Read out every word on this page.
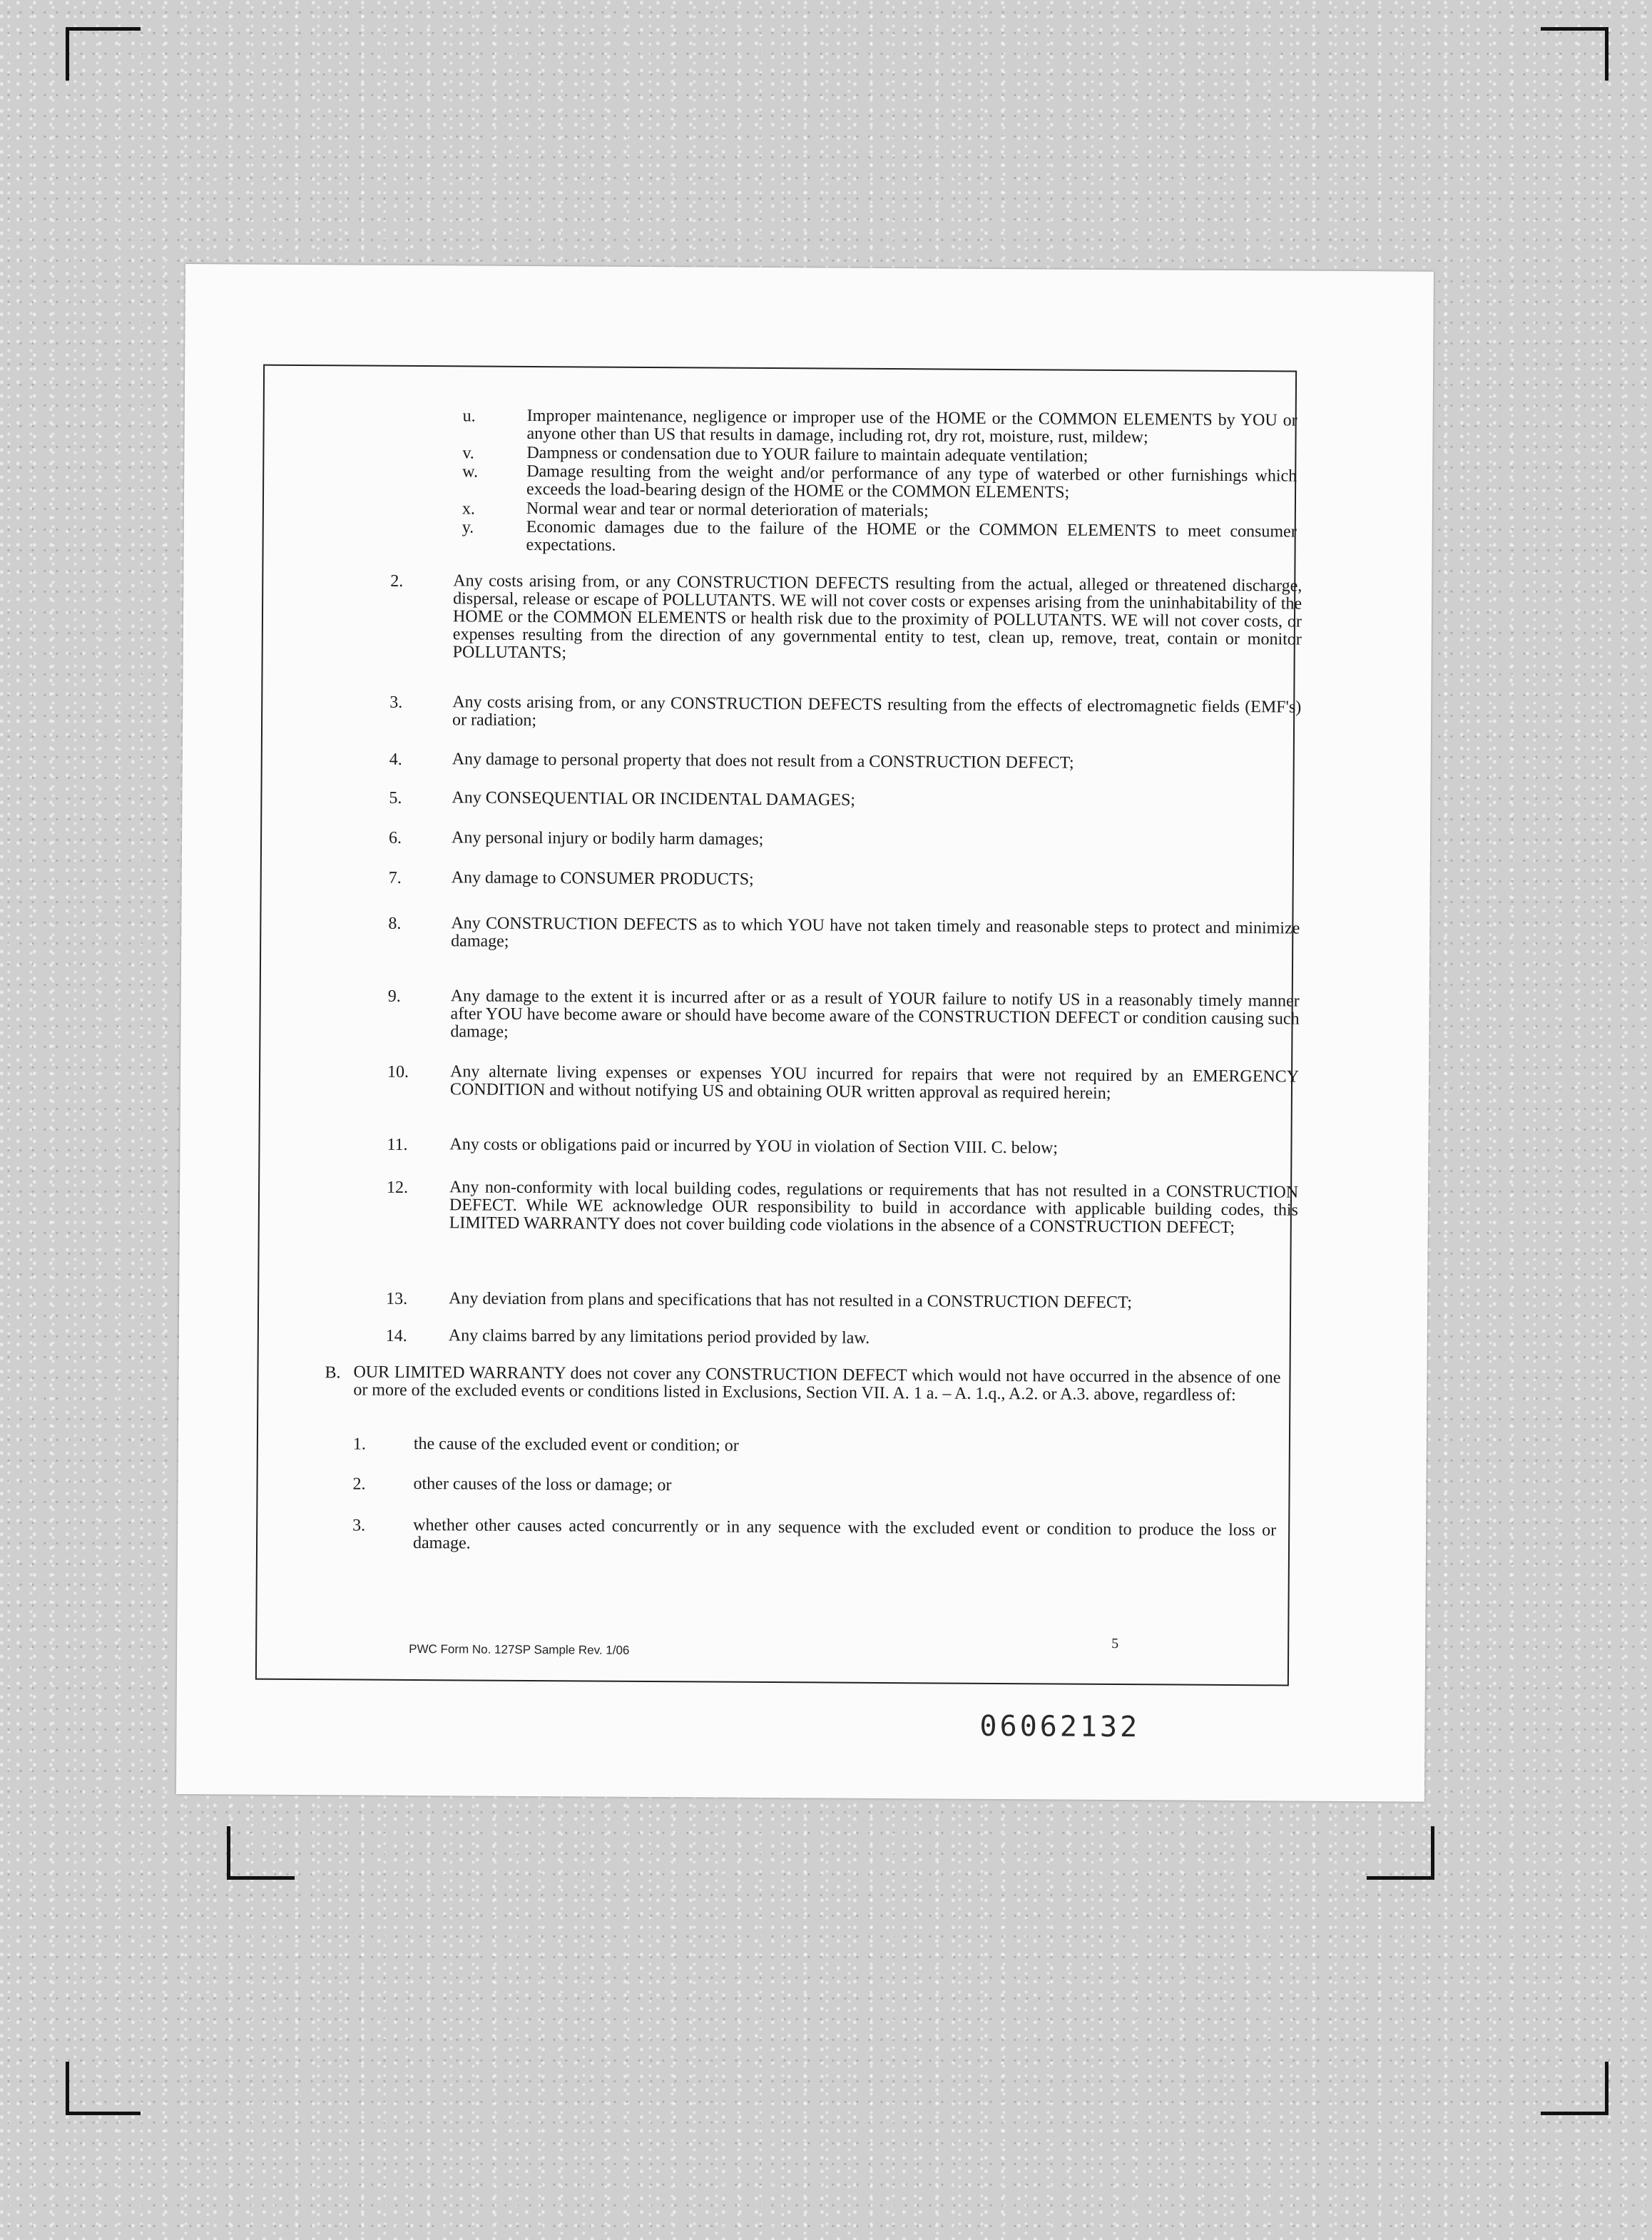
u.	Improper maintenance, negligence or improper use of the HOME or the COMMON ELEMENTS by YOU or anyone other than US that results in damage, including rot, dry rot, moisture, rust, mildew;
v.	Dampness or condensation due to YOUR failure to maintain adequate ventilation;
w.	Damage resulting from the weight and/or performance of any type of waterbed or other furnishings which exceeds the load-bearing design of the HOME or the COMMON ELEMENTS;
x.	Normal wear and tear or normal deterioration of materials;
y.	Economic damages due to the failure of the HOME or the COMMON ELEMENTS to meet consumer expectations.
2.	Any costs arising from, or any CONSTRUCTION DEFECTS resulting from the actual, alleged or threatened discharge, dispersal, release or escape of POLLUTANTS. WE will not cover costs or expenses arising from the uninhabitability of the HOME or the COMMON ELEMENTS or health risk due to the proximity of POLLUTANTS. WE will not cover costs, or expenses resulting from the direction of any governmental entity to test, clean up, remove, treat, contain or monitor POLLUTANTS;
3.	Any costs arising from, or any CONSTRUCTION DEFECTS resulting from the effects of electromagnetic fields (EMF's) or radiation;
4.	Any damage to personal property that does not result from a CONSTRUCTION DEFECT;
5.	Any CONSEQUENTIAL OR INCIDENTAL DAMAGES;
6.	Any personal injury or bodily harm damages;
7.	Any damage to CONSUMER PRODUCTS;
8.	Any CONSTRUCTION DEFECTS as to which YOU have not taken timely and reasonable steps to protect and minimize damage;
9.	Any damage to the extent it is incurred after or as a result of YOUR failure to notify US in a reasonably timely manner after YOU have become aware or should have become aware of the CONSTRUCTION DEFECT or condition causing such damage;
10. Any alternate living expenses or expenses YOU incurred for repairs that were not required by an EMERGENCY CONDITION and without notifying US and obtaining OUR written approval as required herein;
11. Any costs or obligations paid or incurred by YOU in violation of Section VIII. C. below;
12. Any non-conformity with local building codes, regulations or requirements that has not resulted in a CONSTRUCTION DEFECT. While WE acknowledge OUR responsibility to build in accordance with applicable building codes, this LIMITED WARRANTY does not cover building code violations in the absence of a CONSTRUCTION DEFECT;
13. Any deviation from plans and specifications that has not resulted in a CONSTRUCTION DEFECT;
14. Any claims barred by any limitations period provided by law.
B. OUR LIMITED WARRANTY does not cover any CONSTRUCTION DEFECT which would not have occurred in the absence of one or more of the excluded events or conditions listed in Exclusions, Section VII. A. 1 a. – A. 1.q., A.2. or A.3. above, regardless of:
1.	the cause of the excluded event or condition; or
2.	other causes of the loss or damage; or
3.	whether other causes acted concurrently or in any sequence with the excluded event or condition to produce the loss or damage.
PWC Form No. 127SP Sample Rev. 1/06	5
06062132
